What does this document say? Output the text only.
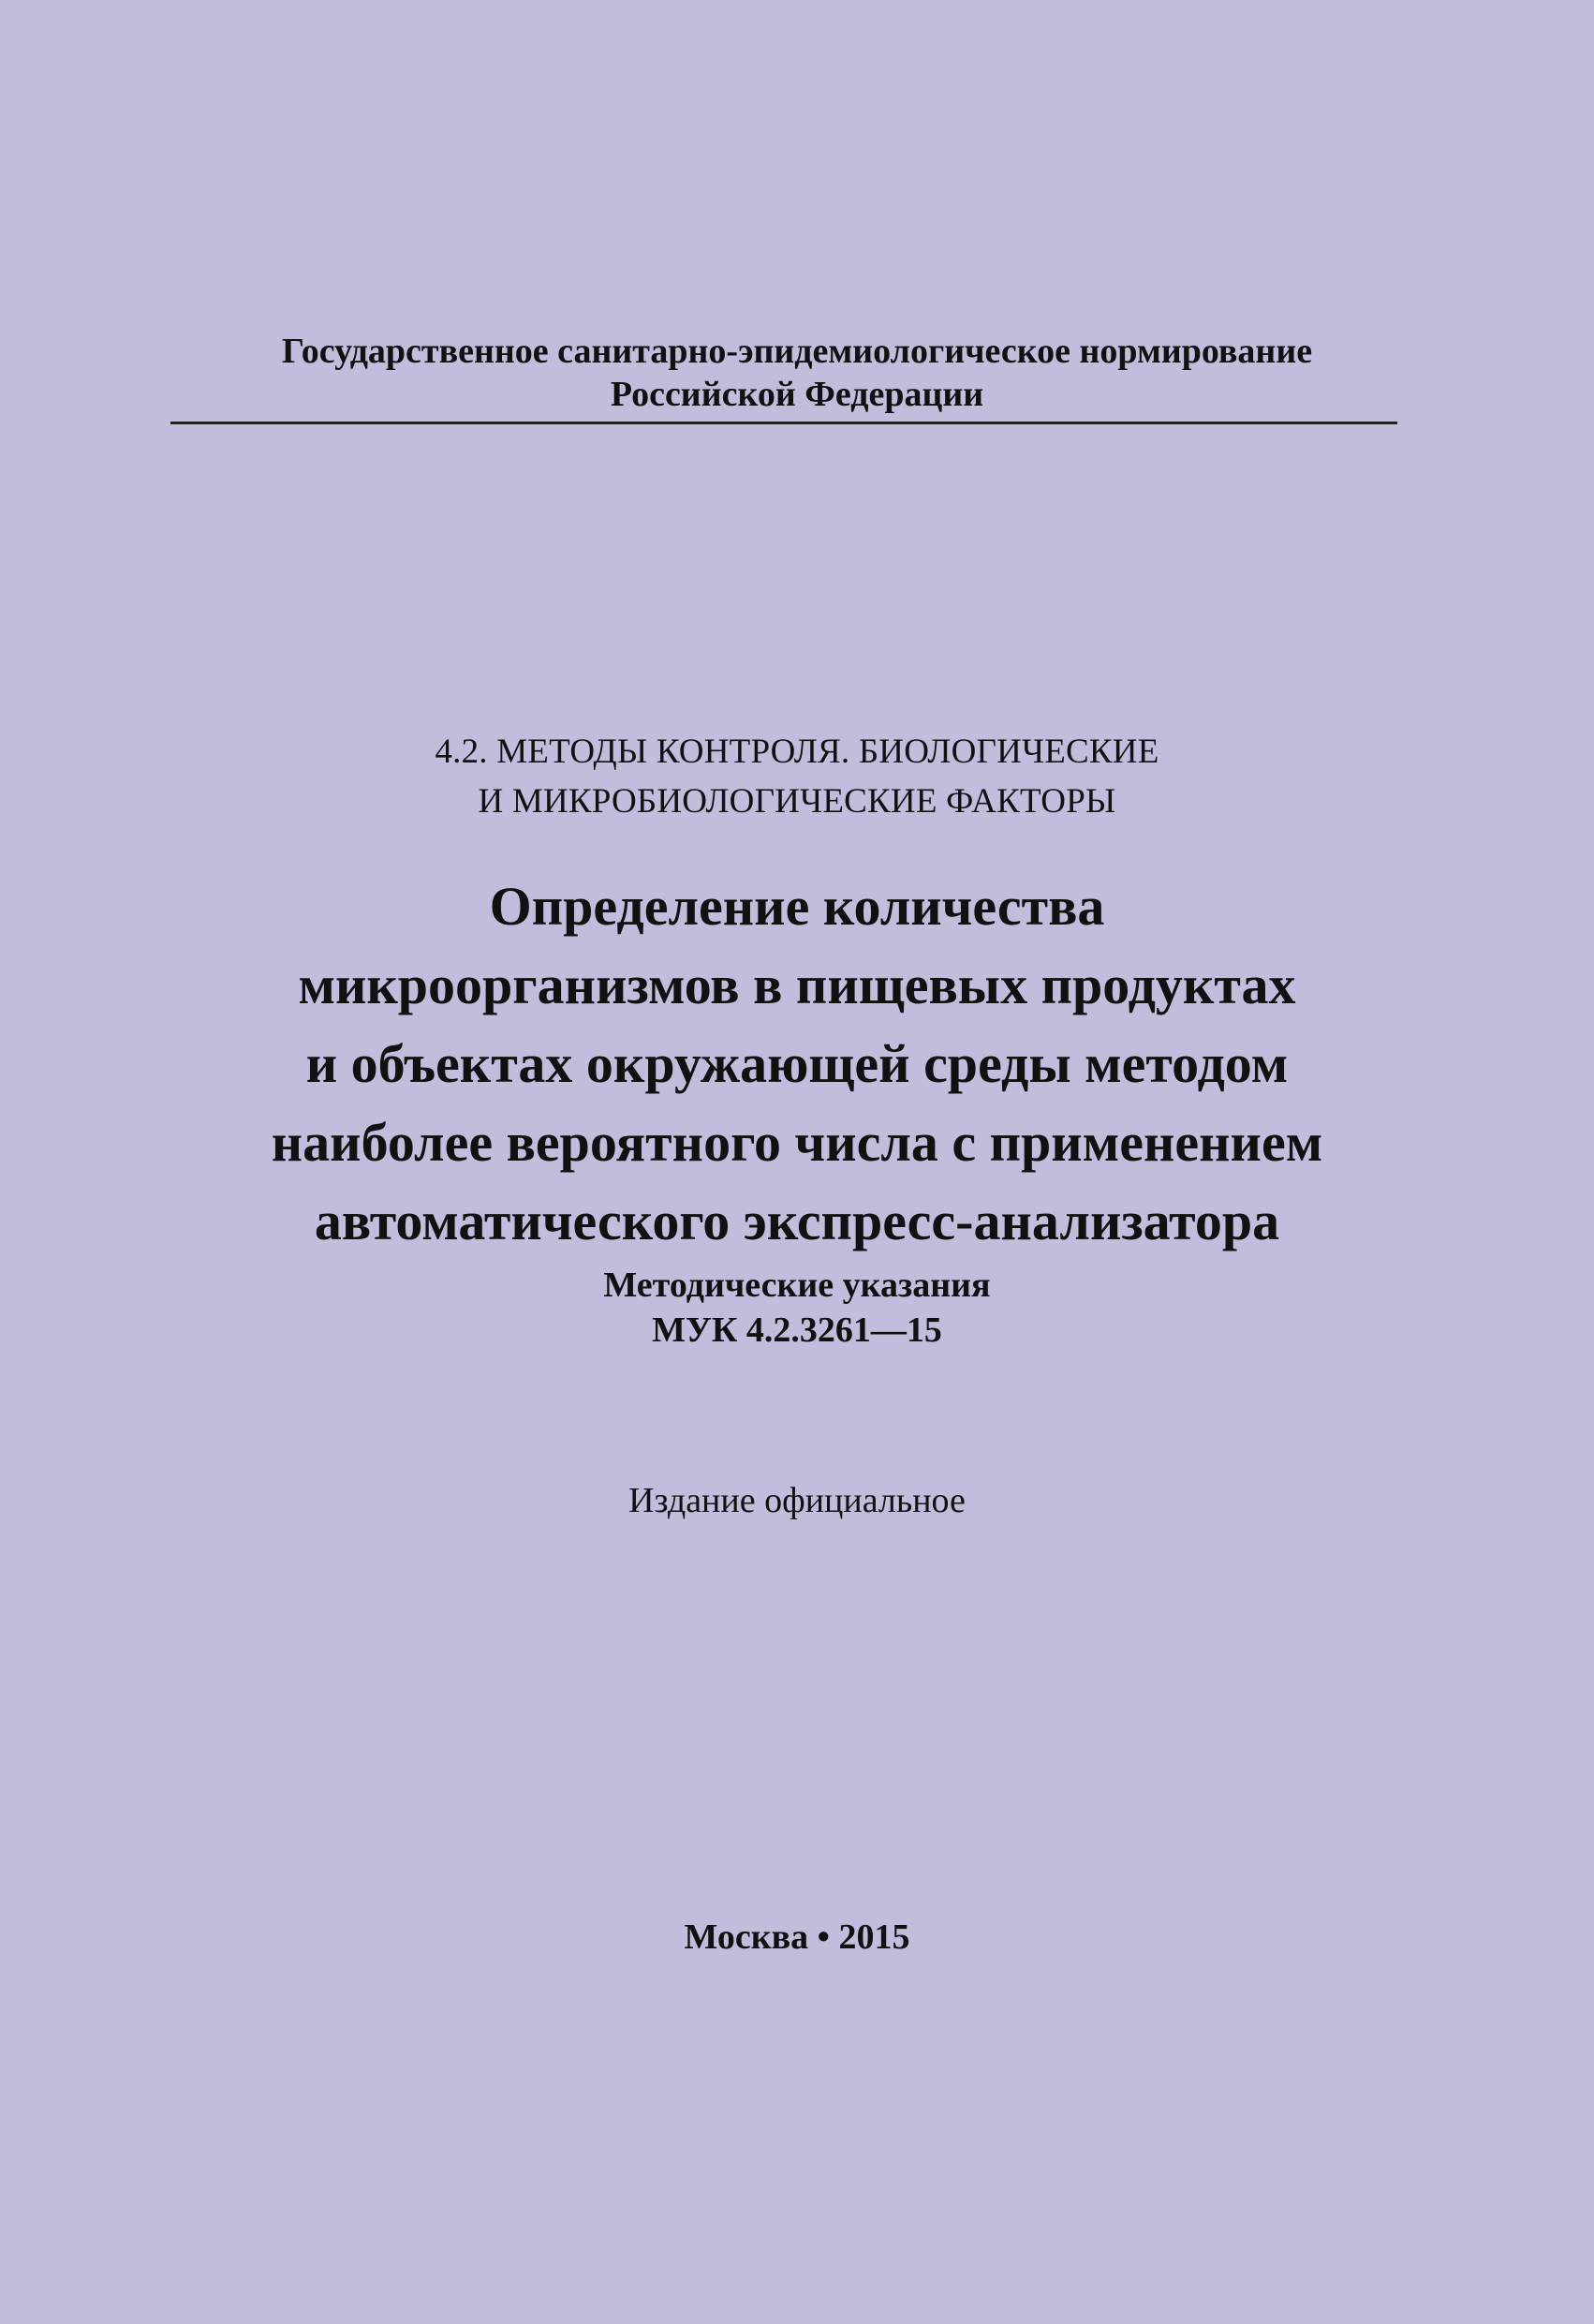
Государственное санитарно-эпидемиологическое нормирование
Российской Федерации
4.2. МЕТОДЫ КОНТРОЛЯ. БИОЛОГИЧЕСКИЕ
И МИКРОБИОЛОГИЧЕСКИЕ ФАКТОРЫ
Определение количества
микроорганизмов в пищевых продуктах
и объектах окружающей среды методом
наиболее вероятного числа с применением
автоматического экспресс-анализатора
Методические указания
МУК 4.2.3261—15
Издание официальное
Москва • 2015
